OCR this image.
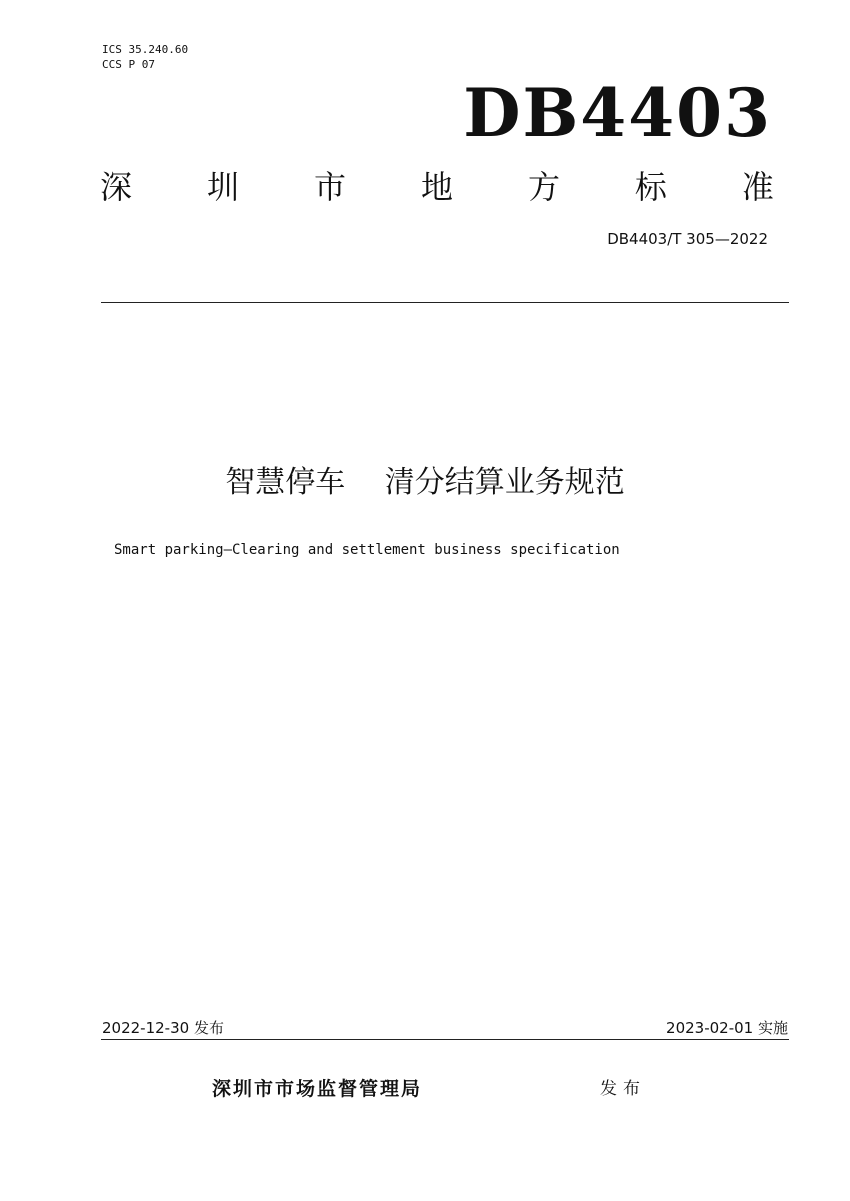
ICS 35.240.60
CCS P 07
DB4403
深 圳 市 地 方 标 准
DB4403/T 305—2022
智慧停车　 清分结算业务规范
Smart parking—Clearing and settlement business specification
2022-12-30 发布	2023-02-01 实施
深圳市市场监督管理局	发布
